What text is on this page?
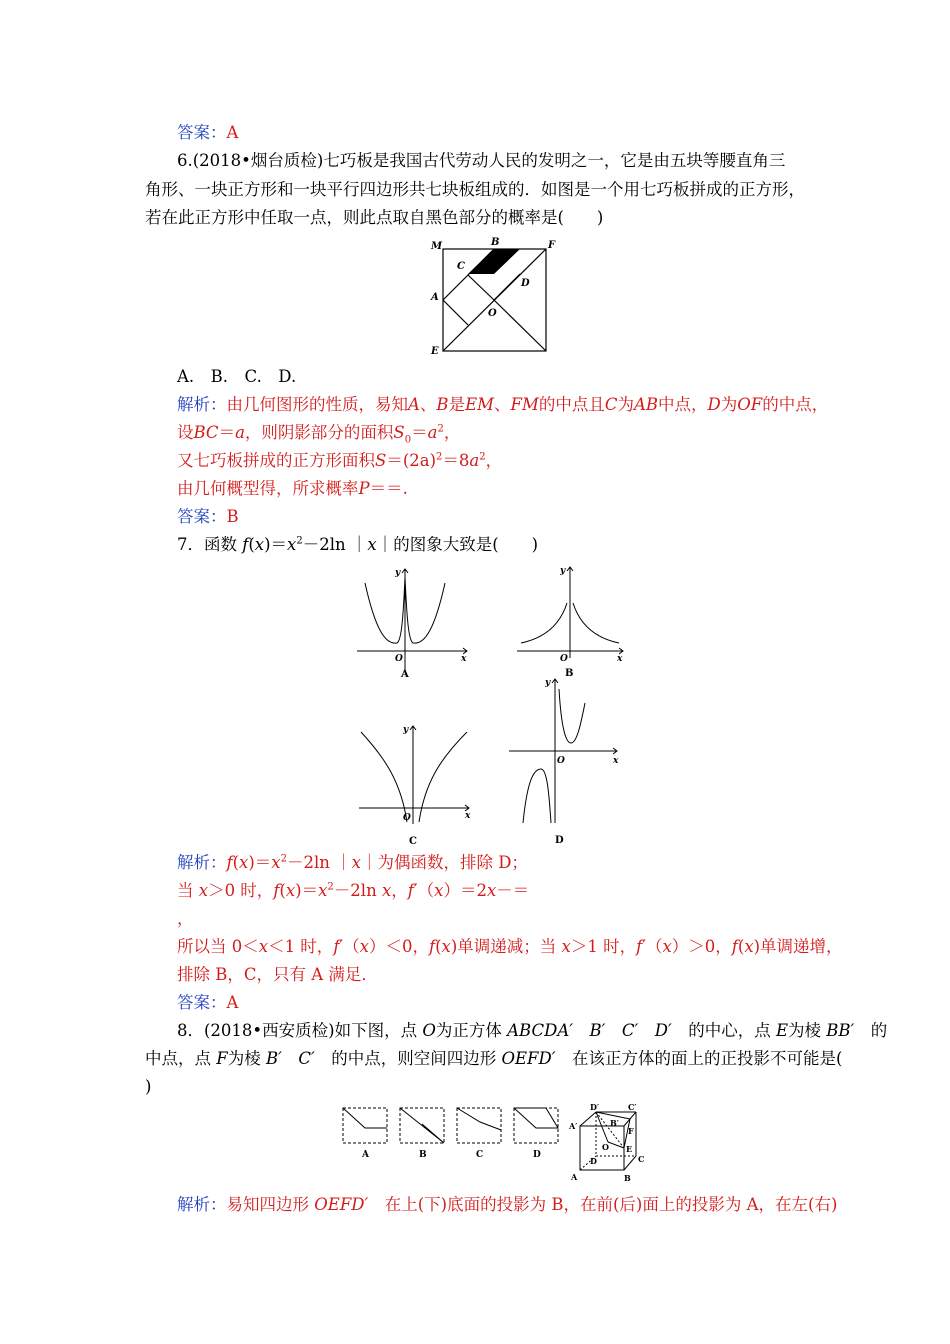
答案：A
6.(2018•烟台质检)七巧板是我国古代劳动人民的发明之一，它是由五块等腰直角三
角形、一块正方形和一块平行四边形共七块板组成的．如图是一个用七巧板拼成的正方形，
若在此正方形中任取一点，则此点取自黑色部分的概率是(　　)
M	B	F
C
D
A
O
E
A.　B.　C.　D.
解析：由几何图形的性质，易知A、B是EM、FM的中点且C为AB中点，D为OF的中点，
设BC＝a，则阴影部分的面积$S_0=a^2$，
又七巧板拼成的正方形面积$S=(2a)^2=8a^2$，
由几何概型得，所求概率P＝＝.
答案：B
7．函数 $f(x)=x^2-2\ln$ ｜x｜的图象大致是(　　)
y
x
O
A
y
x
O
B
y
x
O
C
y
x
O
D
解析：$f(x)=x^2-2\ln$ ｜x｜为偶函数，排除 D；
当 x＞0 时，$f(x)=x^2-2\ln$ x，f′（x）＝2x－＝
，
所以当 0＜x＜1 时，f′（x）＜0，f(x)单调递减；当 x＞1 时，f′（x）＞0，f(x)单调递增，
排除 B，C，只有 A 满足．
答案：A
8．(2018•西安质检)如下图，点 O为正方体 ABCDA′　B′　C′　D′　的中心，点 E为棱 BB′　的
中点，点 F为棱 B′　C′　的中点，则空间四边形 OEFD′　在该正方体的面上的正投影不可能是(
)
A	B	C	D
D′	C′
A′	B′
F
O E
D	C
A	B
解析：易知四边形 OEFD′　在上(下)底面的投影为 B，在前(后)面上的投影为 A，在左(右)
